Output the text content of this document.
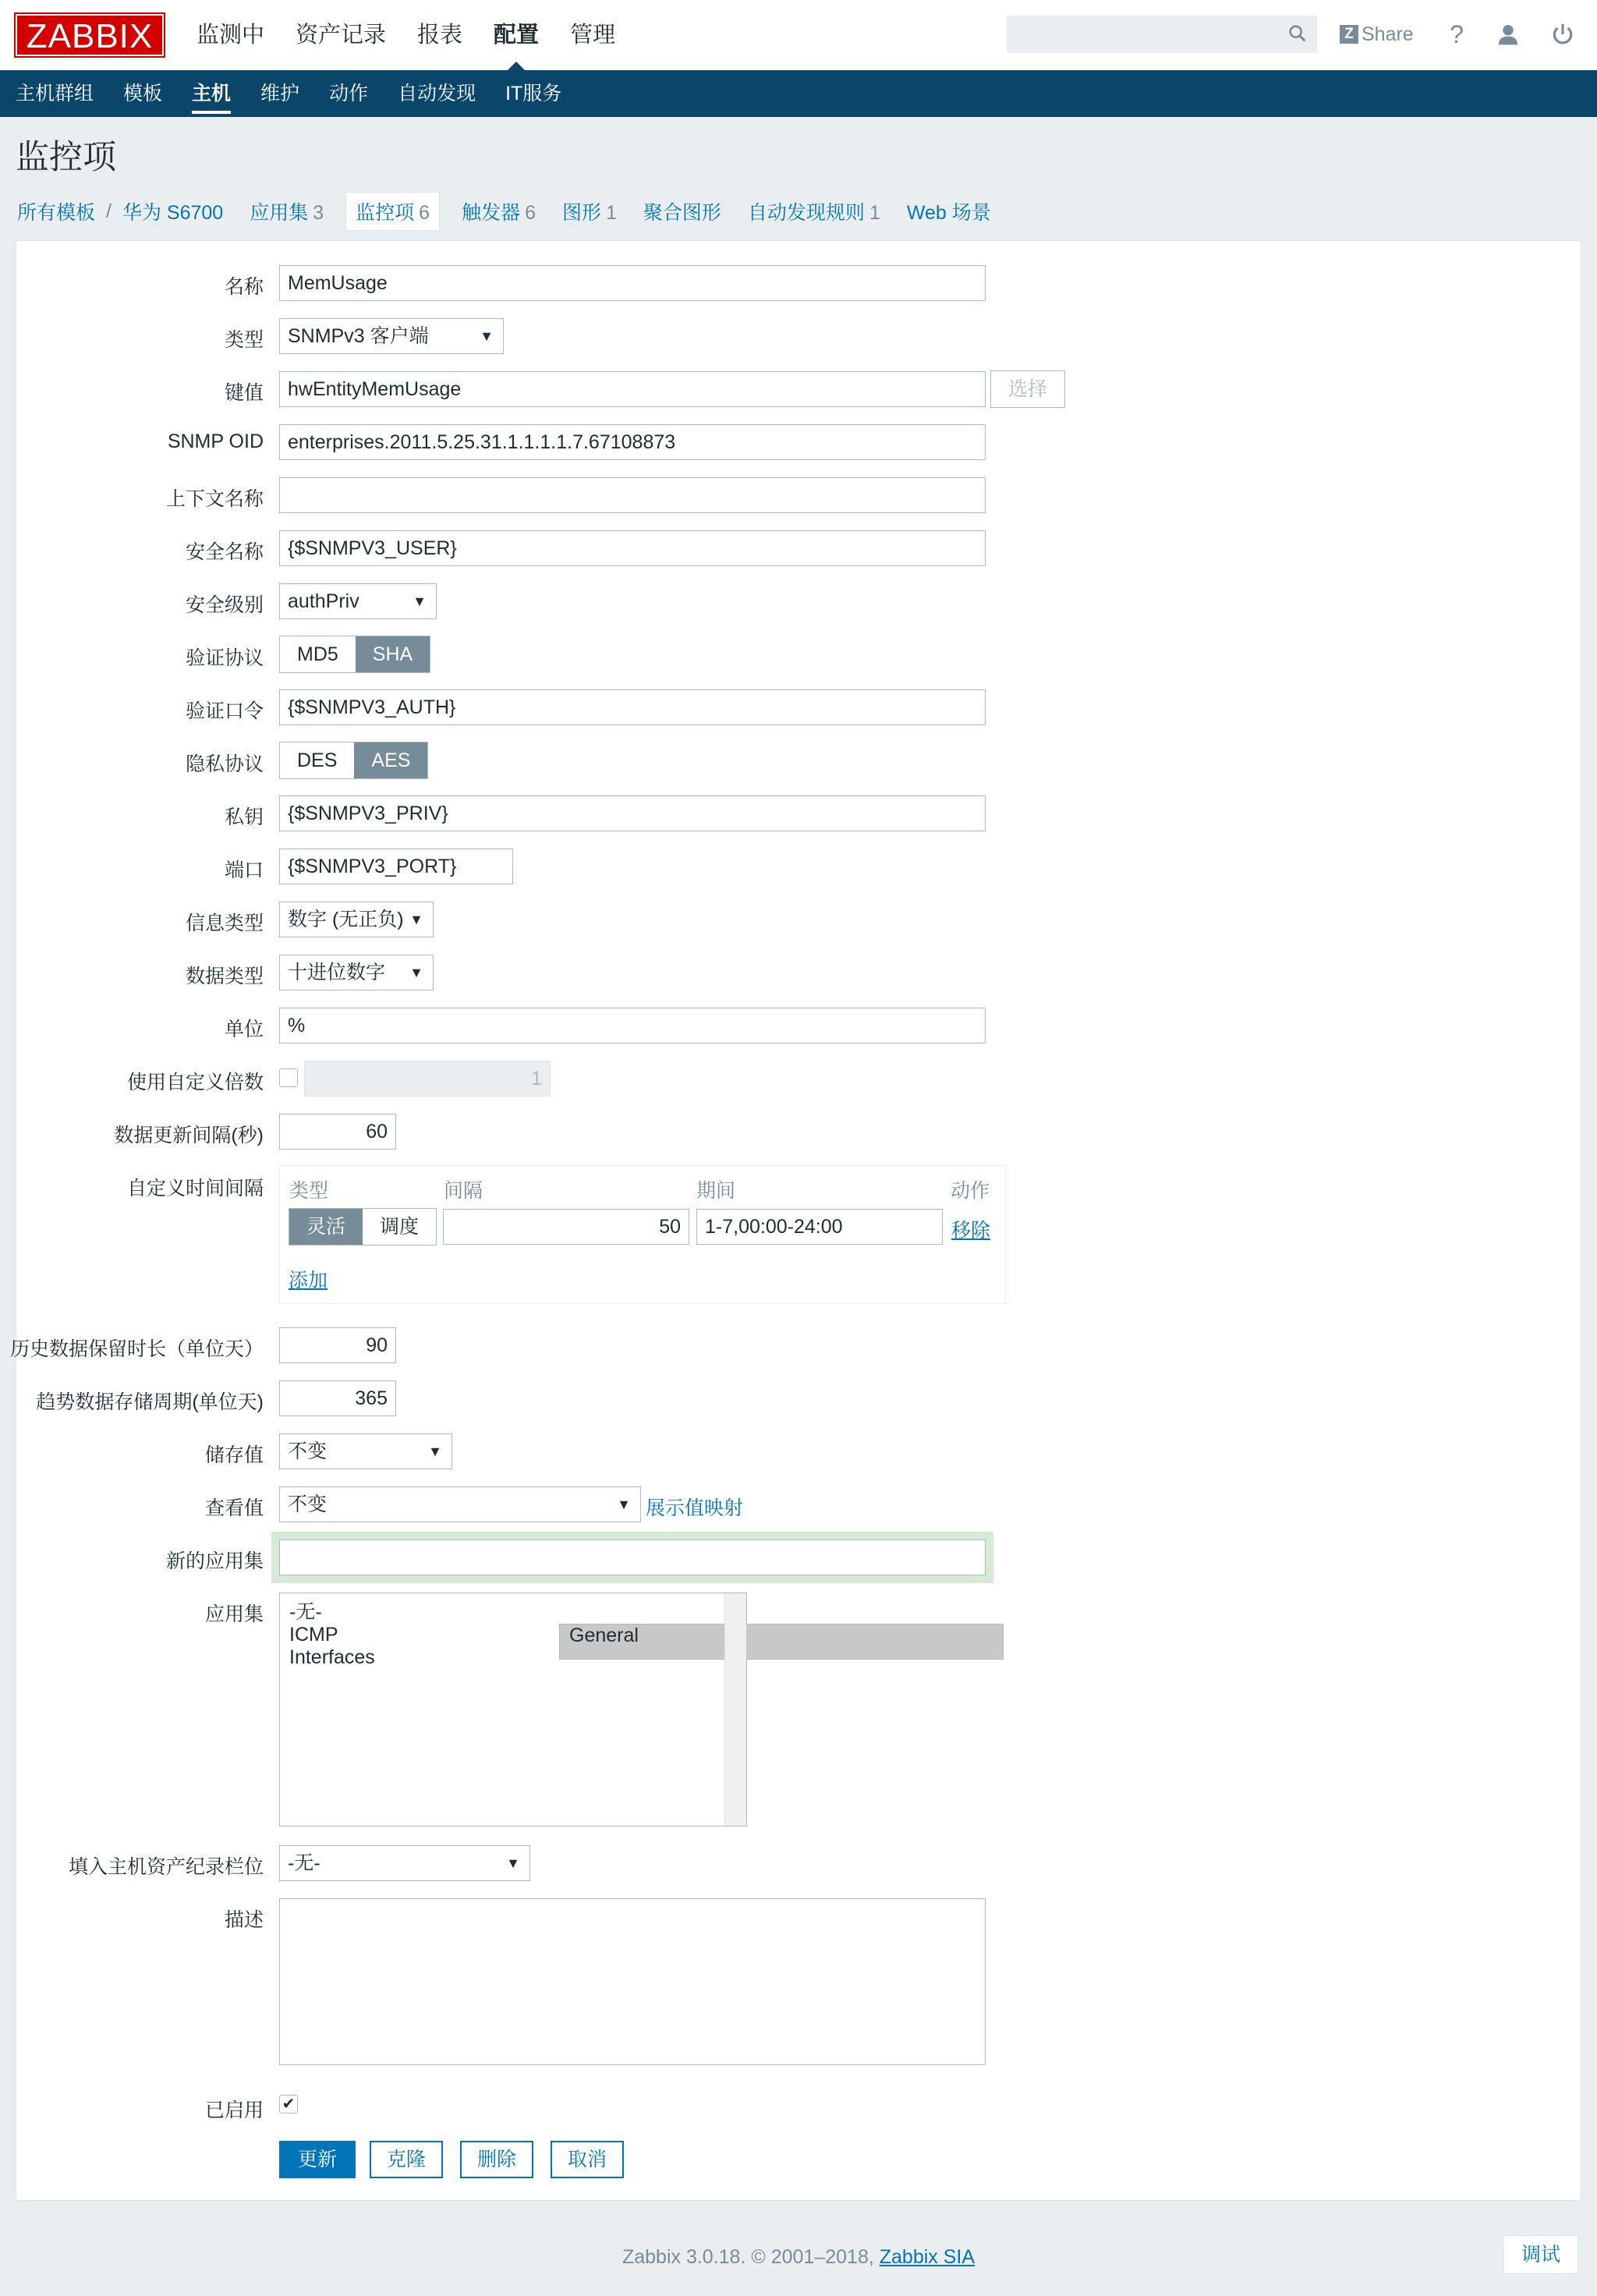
ZABBIX	监测中	资产记录	报表	配置	管理	Z Share	?
主机群组	模板	主机	维护	动作	自动发现	IT服务
监控项
所有模板 / 华为 S6700 应用集 3	监控项 6	触发器 6 图形 1 聚合图形 自动发现规则 1 Web 场景
名称	MemUsage
类型	SNMPv3 客户端	▼
键值	hwEntityMemUsage	选择
SNMP OID	enterprises.2011.5.25.31.1.1.1.1.7.67108873
上下文名称
安全名称	{$SNMPV3_USER}
安全级别	authPriv	▼
验证协议	MD5	SHA
验证口令	{$SNMPV3_AUTH}
隐私协议	DES	AES
私钥	{$SNMPV3_PRIV}
端口	{$SNMPV3_PORT}
信息类型	数字 (无正负) ▼
数据类型	十进位数字 ▼
单位	%
使用自定义倍数	1
数据更新间隔(秒)	60
自定义时间间隔 类型	间隔	期间	动作
灵活	调度	50	1-7,00:00-24:00	移除
添加
历史数据保留时长（单位天）	90
趋势数据存储周期(单位天)	365
储存值	不变	▼
查看值	不变	▼ 展示值映射
新的应用集
应用集	-无-
General
ICMP
Interfaces
填入主机资产纪录栏位	-无-	▼
描述
已启用 ✔
更新	克隆	删除	取消
Zabbix 3.0.18. © 2001–2018, Zabbix SIA	调试
